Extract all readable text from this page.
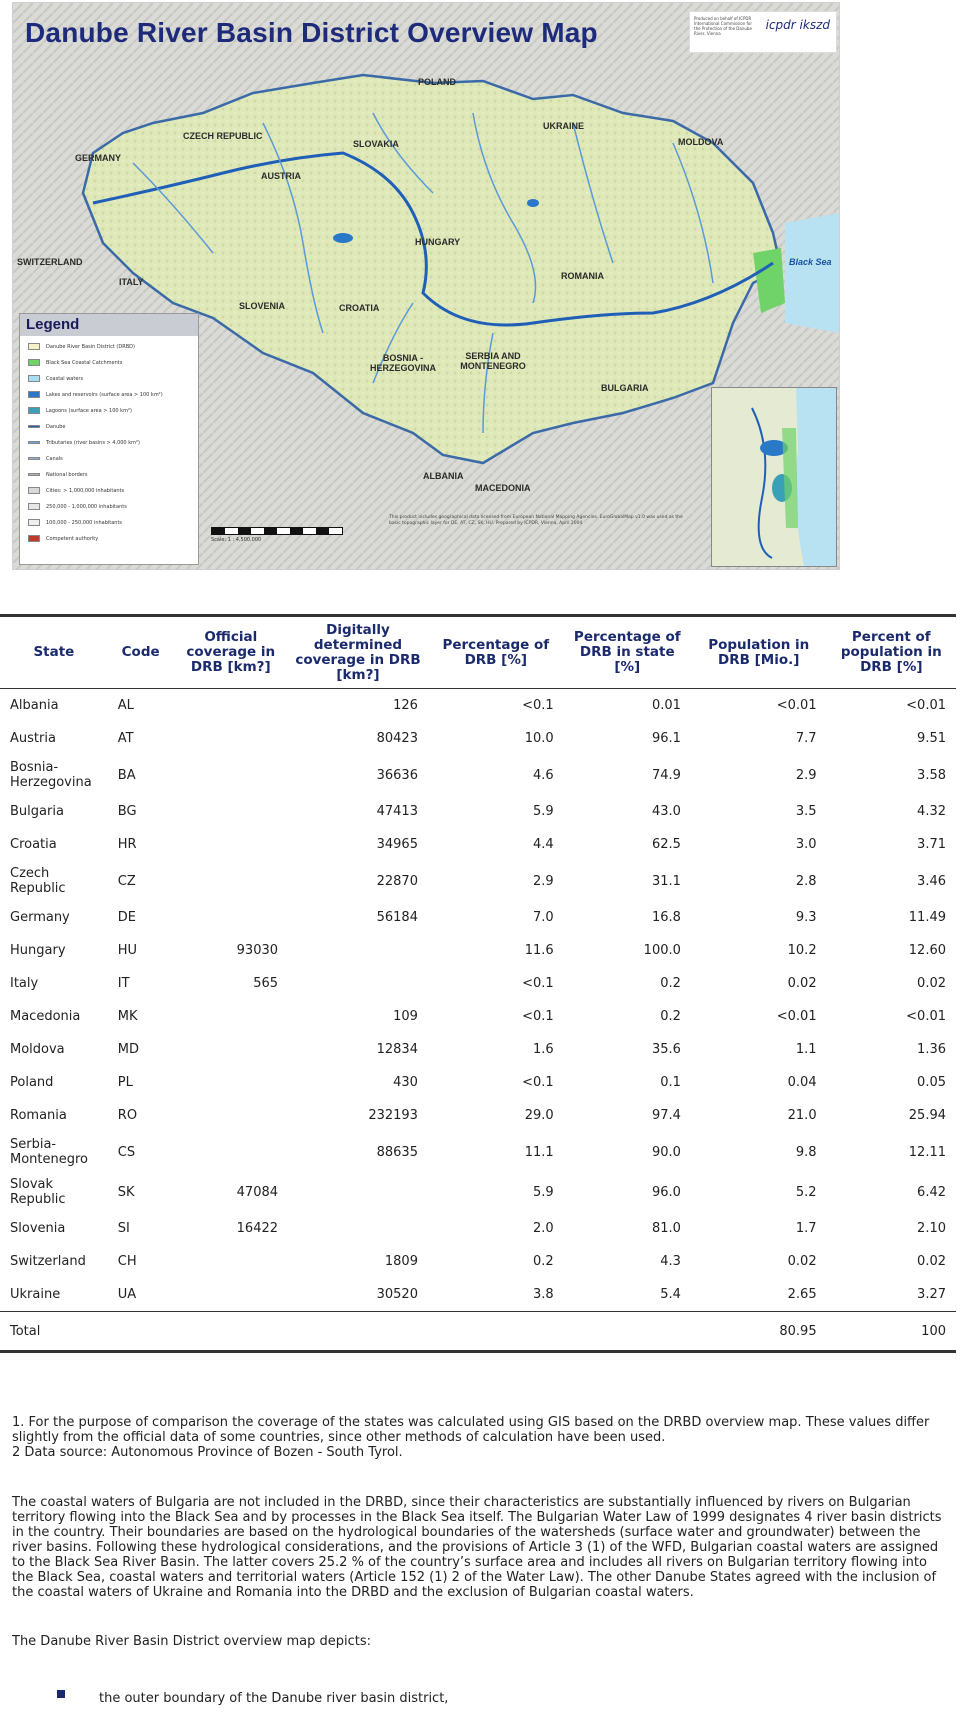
Danube River Basin District Overview Map	Produced on behalf of ICPDR International Commission for the Protection of the Danube River, Vienna
icpdr ikszd
POLAND
CZECH REPUBLIC
SLOVAKIA
UKRAINE
MOLDOVA
GERMANY
AUSTRIA
SWITZERLAND
ITALY
HUNGARY
ROMANIA
SLOVENIA	CROATIA
BOSNIA - HERZEGOVINA
SERBIA AND MONTENEGRO
BULGARIA
ALBANIA
MACEDONIA
Black Sea
Legend
Danube River Basin District (DRBD)
Black Sea Coastal Catchments
Coastal waters
Lakes and reservoirs (surface area > 100 km²)
Lagoons (surface area > 100 km²)
Danube
Tributaries (river basins > 4,000 km²)
Canals
National borders
Cities: > 1,000,000 inhabitants
250,000 - 1,000,000 inhabitants
100,000 - 250,000 inhabitants
Competent authority	Scale: 1 : 4,500,000
This product includes geographical data licensed from European National Mapping Agencies. EuroGlobalMap v1.0 was used as the basic topographic layer for DE, AT, CZ, SK, HU. Prepared by ICPDR, Vienna, April 2004
State	Code	Official coverage in DRB [km?]	Digitally determined coverage in DRB [km?]	Percentage of DRB [%]	Percentage of DRB in state [%]	Population in DRB [Mio.]	Percent of population in DRB [%]
Albania	AL		126	<0.1	0.01	<0.01	<0.01
Austria	AT		80423	10.0	96.1	7.7	9.51
Bosnia-Herzegovina	BA		36636	4.6	74.9	2.9	3.58
Bulgaria	BG		47413	5.9	43.0	3.5	4.32
Croatia	HR		34965	4.4	62.5	3.0	3.71
Czech Republic	CZ		22870	2.9	31.1	2.8	3.46
Germany	DE		56184	7.0	16.8	9.3	11.49
Hungary	HU	93030		11.6	100.0	10.2	12.60
Italy	IT	565		<0.1	0.2	0.02	0.02
Macedonia	MK		109	<0.1	0.2	<0.01	<0.01
Moldova	MD		12834	1.6	35.6	1.1	1.36
Poland	PL		430	<0.1	0.1	0.04	0.05
Romania	RO		232193	29.0	97.4	21.0	25.94
Serbia-Montenegro	CS		88635	11.1	90.0	9.8	12.11
Slovak Republic	SK	47084		5.9	96.0	5.2	6.42
Slovenia	SI	16422		2.0	81.0	1.7	2.10
Switzerland	CH		1809	0.2	4.3	0.02	0.02
Ukraine	UA		30520	3.8	5.4	2.65	3.27
Total						80.95	100

1. For the purpose of comparison the coverage of the states was calculated using GIS based on the DRBD overview map. These values differ slightly from the official data of some countries, since other methods of calculation have been used.

2 Data source: Autonomous Province of Bozen - South Tyrol.

The coastal waters of Bulgaria are not included in the DRBD, since their characteristics are substantially influenced by rivers on Bulgarian territory flowing into the Black Sea and by processes in the Black Sea itself. The Bulgarian Water Law of 1999 designates 4 river basin districts in the country. Their boundaries are based on the hydrological boundaries of the watersheds (surface water and groundwater) between the river basins. Following these hydrological considerations, and the provisions of Article 3 (1) of the WFD, Bulgarian coastal waters are assigned to the Black Sea River Basin. The latter covers 25.2 % of the country’s surface area and includes all rivers on Bulgarian territory flowing into the Black Sea, coastal waters and territorial waters (Article 152 (1) 2 of the Water Law). The other Danube States agreed with the inclusion of the coastal waters of Ukraine and Romania into the DRBD and the exclusion of Bulgarian coastal waters.

The Danube River Basin District overview map depicts:

the outer boundary of the Danube river basin district,
